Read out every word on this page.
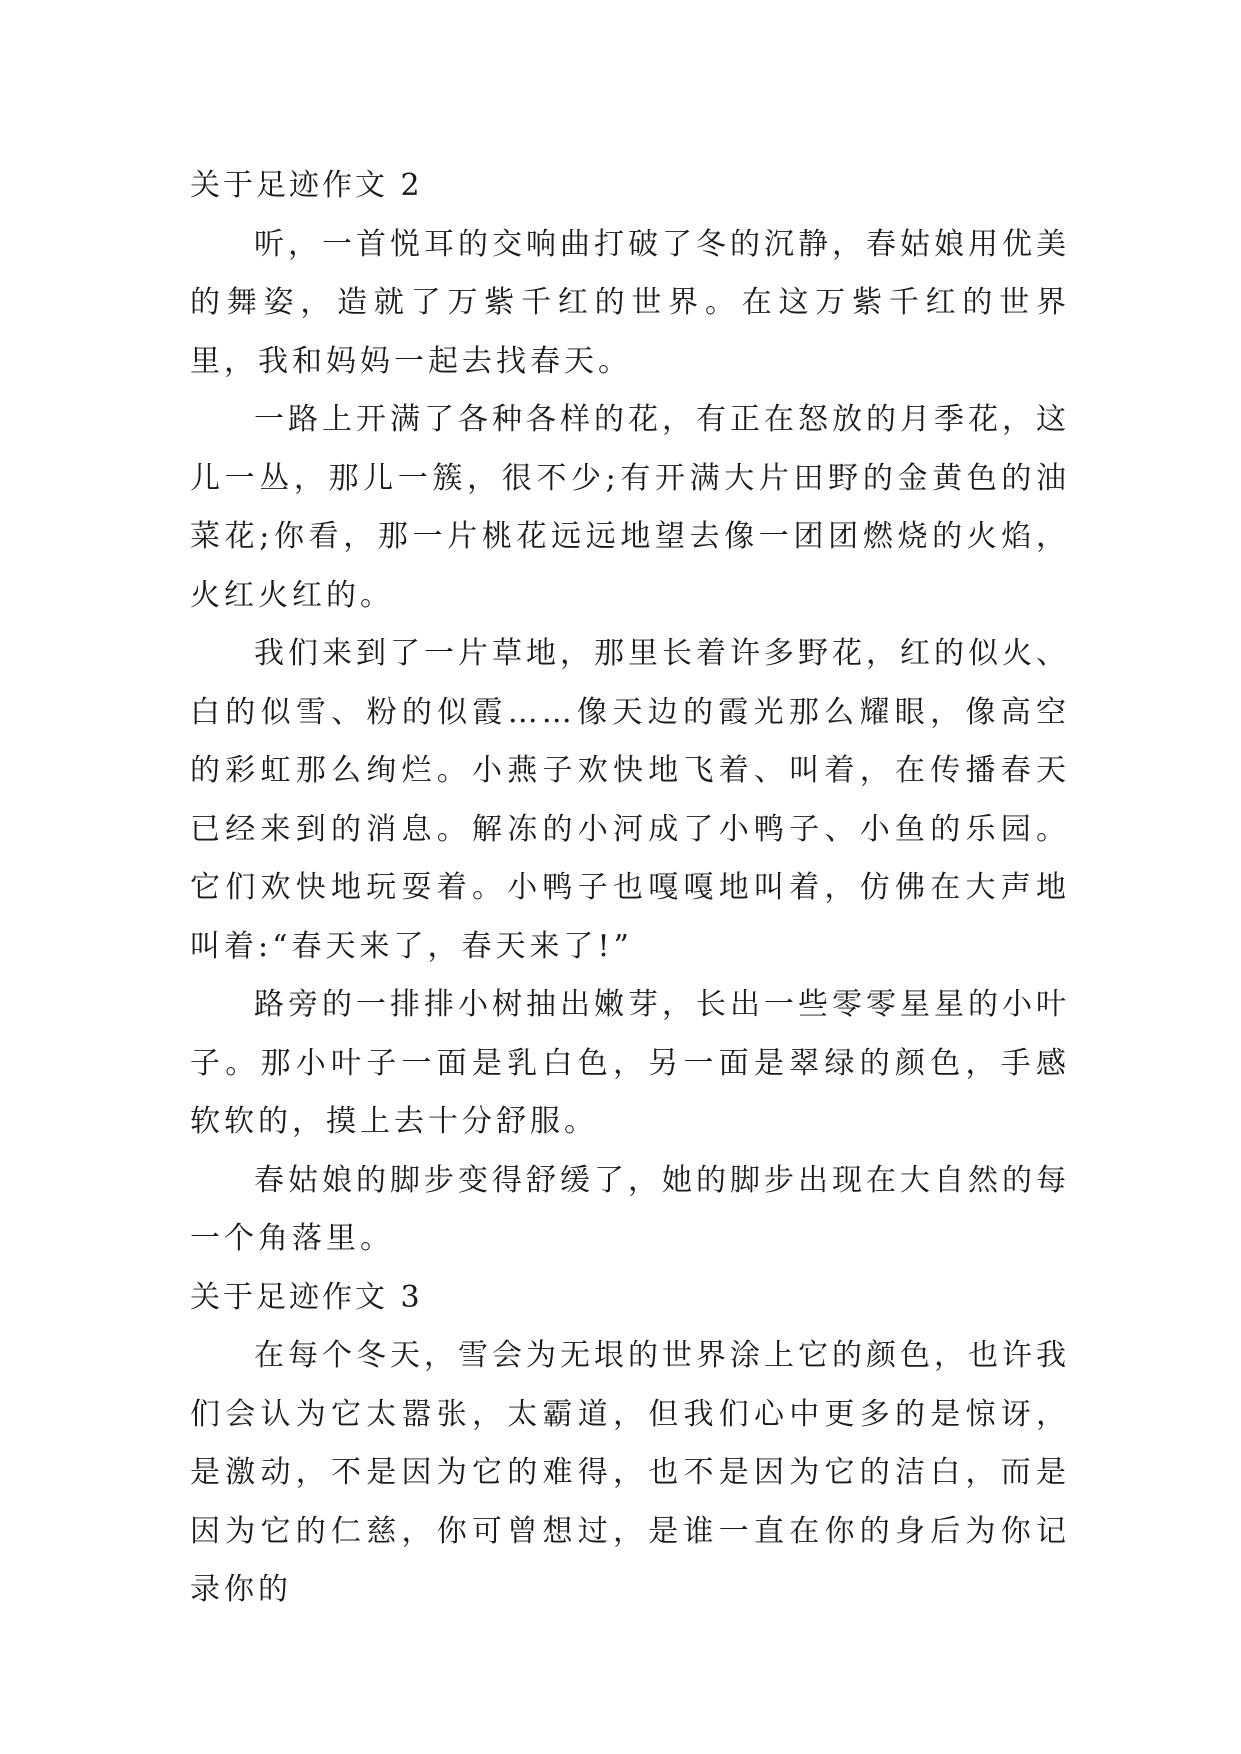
关于足迹作文 2

听，一首悦耳的交响曲打破了冬的沉静，春姑娘用优美的舞姿，造就了万紫千红的世界。在这万紫千红的世界里，我和妈妈一起去找春天。

一路上开满了各种各样的花，有正在怒放的月季花，这儿一丛，那儿一簇，很不少;有开满大片田野的金黄色的油菜花;你看，那一片桃花远远地望去像一团团燃烧的火焰，火红火红的。

我们来到了一片草地，那里长着许多野花，红的似火、白的似雪、粉的似霞……像天边的霞光那么耀眼，像高空的彩虹那么绚烂。小燕子欢快地飞着、叫着，在传播春天已经来到的消息。解冻的小河成了小鸭子、小鱼的乐园。它们欢快地玩耍着。小鸭子也嘎嘎地叫着，仿佛在大声地叫着:“春天来了，春天来了!”

路旁的一排排小树抽出嫩芽，长出一些零零星星的小叶子。那小叶子一面是乳白色，另一面是翠绿的颜色，手感软软的，摸上去十分舒服。

春姑娘的脚步变得舒缓了，她的脚步出现在大自然的每一个角落里。

关于足迹作文 3

在每个冬天，雪会为无垠的世界涂上它的颜色，也许我们会认为它太嚣张，太霸道，但我们心中更多的是惊讶，是激动，不是因为它的难得，也不是因为它的洁白，而是因为它的仁慈，你可曾想过，是谁一直在你的身后为你记录你的
